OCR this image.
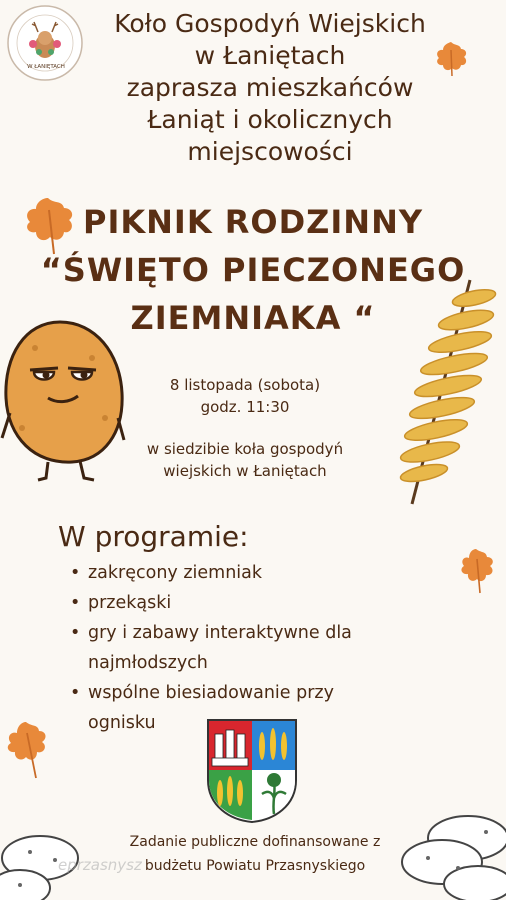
W ŁANIĘTACH
Koło Gospodyń Wiejskich
w Łaniętach
zaprasza mieszkańców
Łaniąt i okolicznych
miejscowości
PIKNIK RODZINNY
“ŚWIĘTO PIECZONEGO
ZIEMNIAKA “
8 listopada (sobota)
godz. 11:30
w siedzibie koła gospodyń
wiejskich w Łaniętach
W programie:
• zakręcony ziemniak
• przekąski
• gry i zabawy interaktywne dla
najmłodszych
• wspólne biesiadowanie przy
ognisku
Zadanie publiczne dofinansowane z
budżetu Powiatu Przasnyskiego
eprzasnysz
